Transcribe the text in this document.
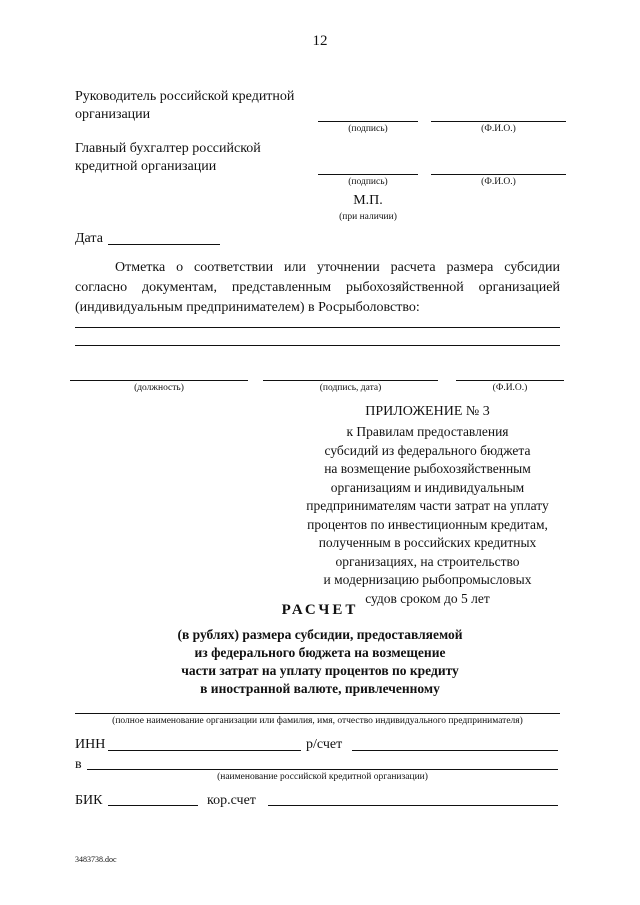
12
Руководитель российской кредитной организации
(подпись)	(Ф.И.О.)
Главный бухгалтер российской кредитной организации
(подпись)	(Ф.И.О.)
М.П.
(при наличии)
Дата
Отметка о соответствии или уточнении расчета размера субсидии согласно документам, представленным рыбохозяйственной организацией (индивидуальным предпринимателем) в Росрыболовство:
(должность)	(подпись, дата)	(Ф.И.О.)
ПРИЛОЖЕНИЕ № 3
к Правилам предоставления
субсидий из федерального бюджета
на возмещение рыбохозяйственным
организациям и индивидуальным
предпринимателям части затрат на уплату
процентов по инвестиционным кредитам,
полученным в российских кредитных
организациях, на строительство
и модернизацию рыбопромысловых
судов сроком до 5 лет
РАСЧЕТ
(в рублях) размера субсидии, предоставляемой
из федерального бюджета на возмещение
части затрат на уплату процентов по кредиту
в иностранной валюте, привлеченному
(полное наименование организации или фамилия, имя, отчество индивидуального предпринимателя)
ИНН	р/счет
в
(наименование российской кредитной организации)
БИК	кор.счет
3483738.doc
